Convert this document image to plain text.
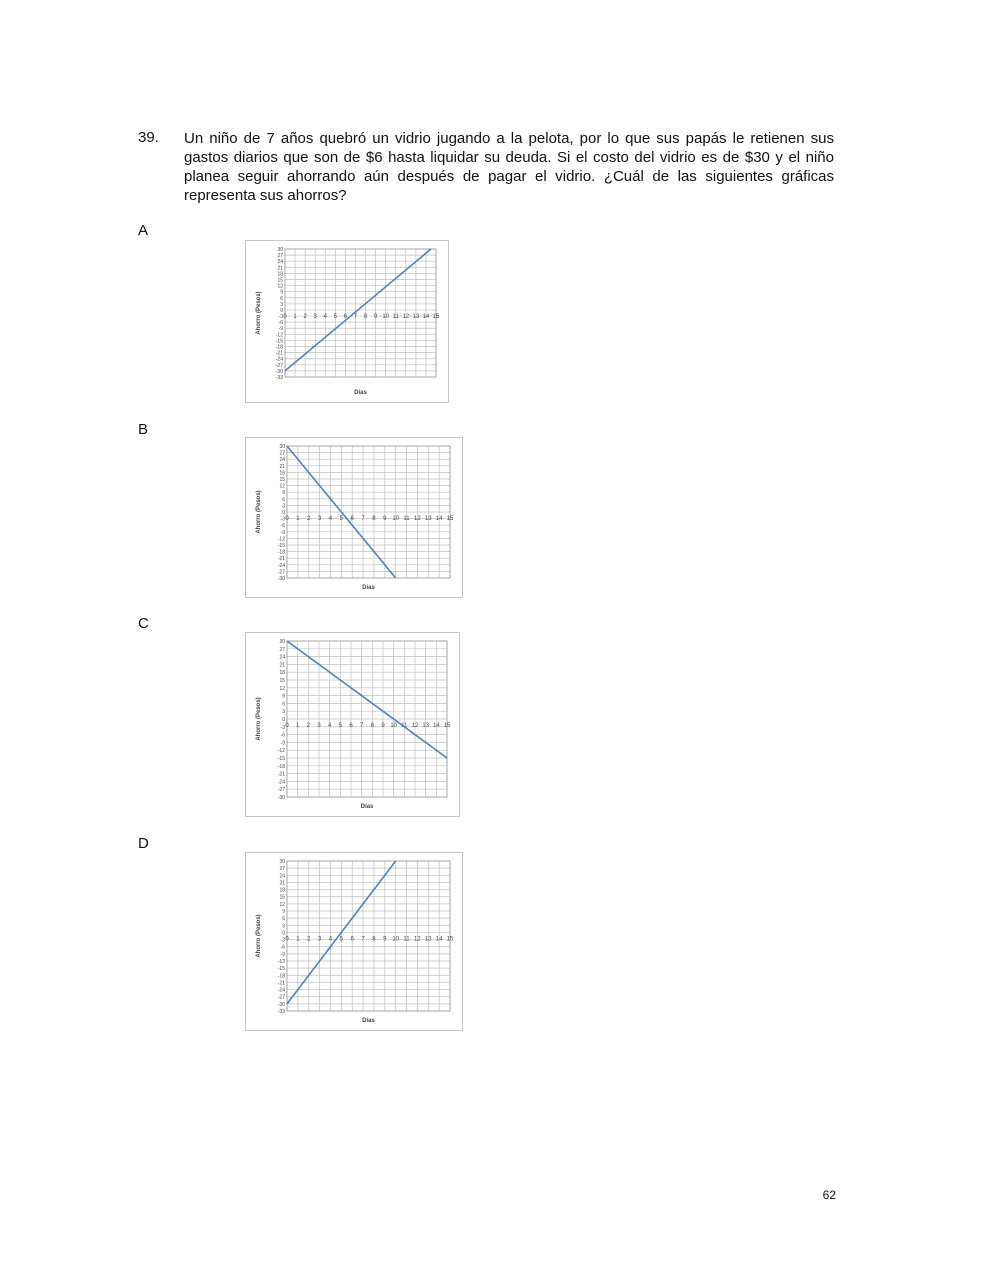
39. Un niño de 7 años quebró un vidrio jugando a la pelota, por lo que sus papás le retienen sus gastos diarios que son de $6 hasta liquidar su deuda. Si el costo del vidrio es de $30 y el niño planea seguir ahorrando aún después de pagar el vidrio. ¿Cuál de las siguientes gráficas representa sus ahorros?
A
30
27
24
21
18
15
12
9
6
3
0
-3
-6
-9
-12
-15
-18
-21
-24
-27
-30
-33
0 1 2 3 4 5 6 7 8 9 10 11 12 13 14 15
Días
Ahorro (Pesos)
B
30
27
24
21
18
15
12
9
6
3
0
-3
-6
-9
-12
-15
-18
-21
-24
-27
-30
0 1 2 3 4 5 6 7 8 9 10 11 12 13 14 15
Días
Ahorro (Pesos)
C
30
27
24
21
18
15
12
9
6
3
0
-3
-6
-9
-12
-15
-18
-21
-24
-27
-30
0 1 2 3 4 5 6 7 8 9 10 11 12 13 14 15
Días
Ahorro (Pesos)
D
30
27
24
21
18
15
12
9
6
3
0
-3
-6
-9
-12
-15
-18
-21
-24
-27
-30
-33
0 1 2 3 4 5 6 7 8 9 10 11 12 13 14 15
Días
Ahorro (Pesos)
62
